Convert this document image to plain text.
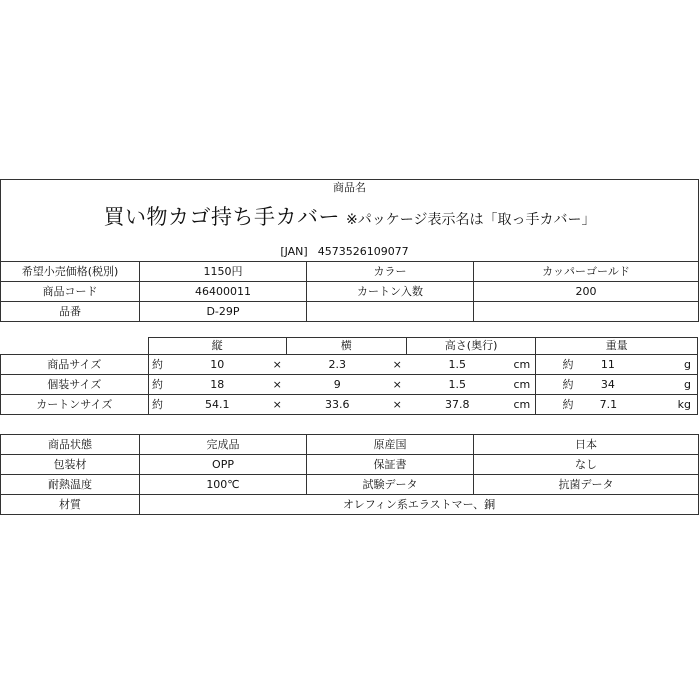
商品名			
買い物カゴ持ち手カバー ※パッケージ表示名は「取っ手カバー」			
[JAN] 4573526109077			
希望小売価格(税別)	1150円	カラー	カッパーゴールド
商品コード	46400011	カートン入数	200
品番	D-29P		
	縦			横		高さ(奥行)		重量		
商品サイズ	約	10	×	2.3	×	1.5	cm	約	11	g
個装サイズ	約	18	×	9	×	1.5	cm	約	34	g
カートンサイズ	約	54.1	×	33.6	×	37.8	cm	約	7.1	kg
商品状態	完成品	原産国	日本
包装材	OPP	保証書	なし
耐熱温度	100℃	試験データ	抗菌データ
材質	オレフィン系エラストマー、銅		
